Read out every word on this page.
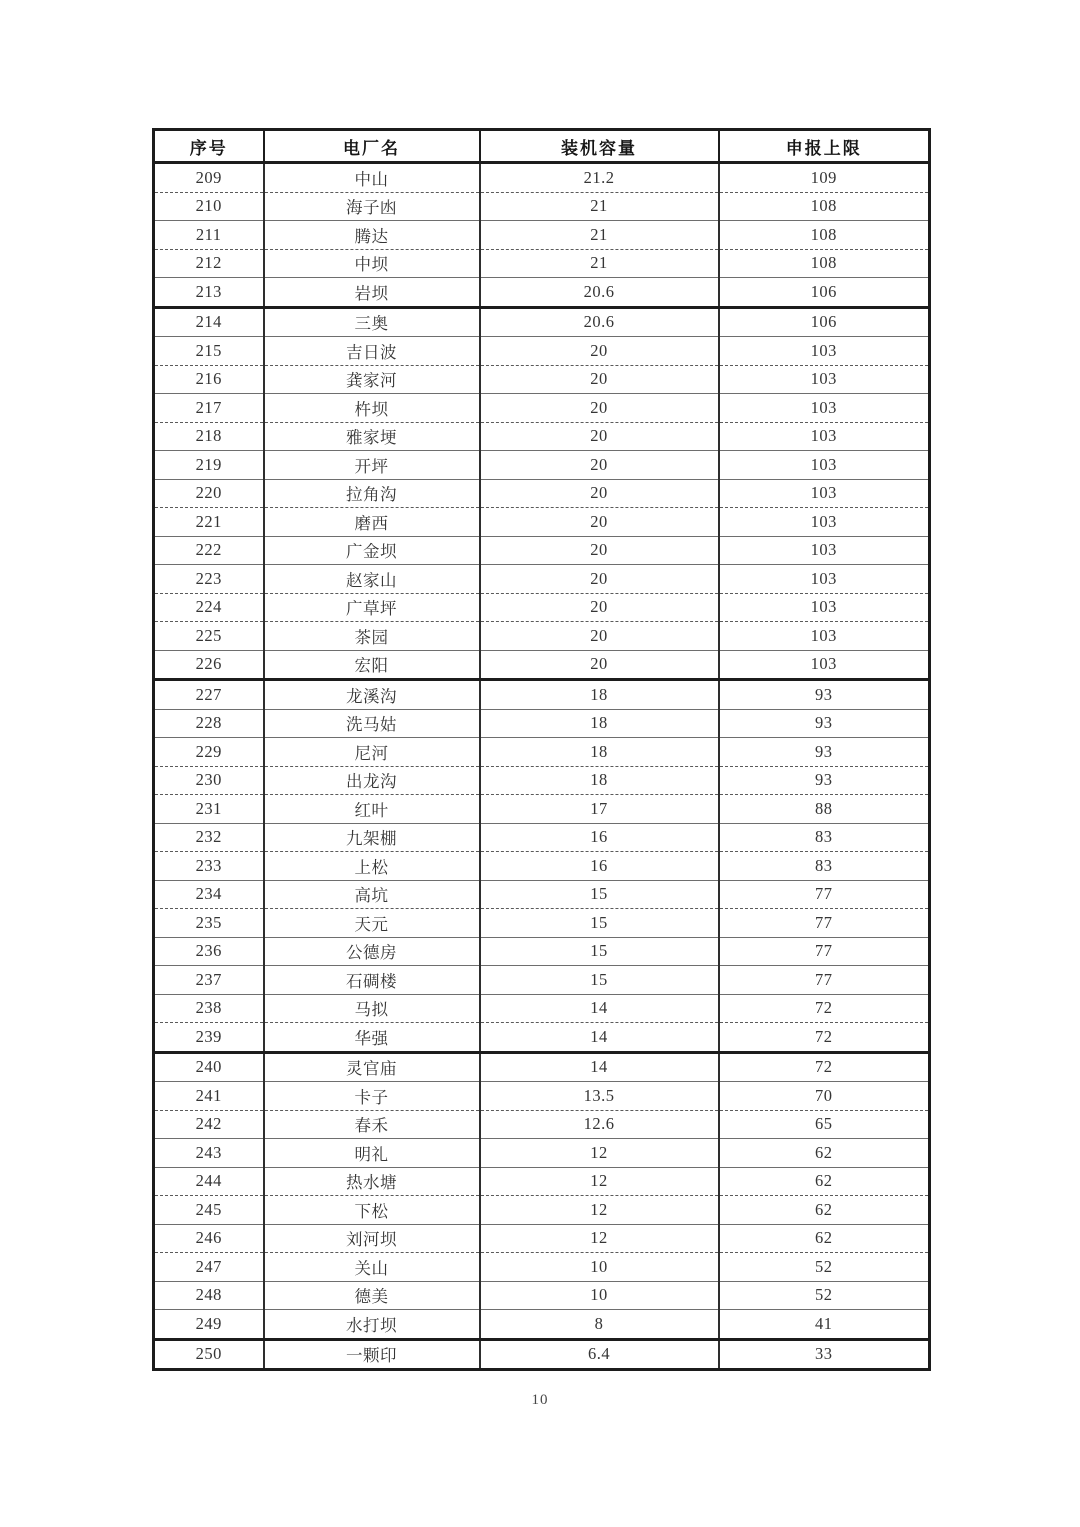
序号	电厂名	装机容量	申报上限
209	中山	21.2	109
210	海子凼	21	108
211	腾达	21	108
212	中坝	21	108
213	岩坝	20.6	106
214	三奥	20.6	106
215	吉日波	20	103
216	龚家河	20	103
217	杵坝	20	103
218	雅家埂	20	103
219	开坪	20	103
220	拉角沟	20	103
221	磨西	20	103
222	广金坝	20	103
223	赵家山	20	103
224	广草坪	20	103
225	茶园	20	103
226	宏阳	20	103
227	龙溪沟	18	93
228	洗马姑	18	93
229	尼河	18	93
230	出龙沟	18	93
231	红叶	17	88
232	九架棚	16	83
233	上松	16	83
234	高坑	15	77
235	天元	15	77
236	公德房	15	77
237	石碉楼	15	77
238	马拟	14	72
239	华强	14	72
240	灵官庙	14	72
241	卡子	13.5	70
242	春禾	12.6	65
243	明礼	12	62
244	热水塘	12	62
245	下松	12	62
246	刘河坝	12	62
247	关山	10	52
248	德美	10	52
249	水打坝	8	41
250	一颗印	6.4	33
10
